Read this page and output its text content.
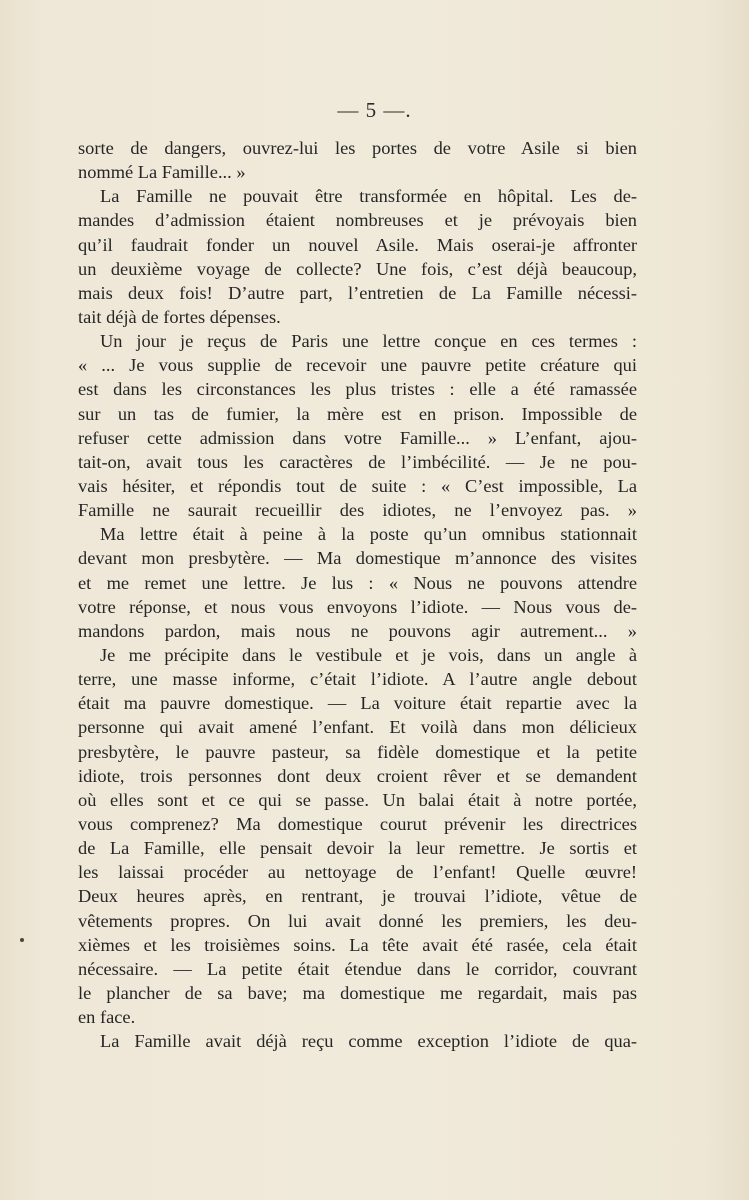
— 5 —.
sorte de dangers, ouvrez-lui les portes de votre Asile si bien
nommé La Famille... »
La Famille ne pouvait être transformée en hôpital. Les de-
mandes d’admission étaient nombreuses et je prévoyais bien
qu’il faudrait fonder un nouvel Asile. Mais oserai-je affronter
un deuxième voyage de collecte? Une fois, c’est déjà beaucoup,
mais deux fois! D’autre part, l’entretien de La Famille nécessi-
tait déjà de fortes dépenses.
Un jour je reçus de Paris une lettre conçue en ces termes :
« ... Je vous supplie de recevoir une pauvre petite créature qui
est dans les circonstances les plus tristes : elle a été ramassée
sur un tas de fumier, la mère est en prison. Impossible de
refuser cette admission dans votre Famille... » L’enfant, ajou-
tait-on, avait tous les caractères de l’imbécilité. — Je ne pou-
vais hésiter, et répondis tout de suite : « C’est impossible, La
Famille ne saurait recueillir des idiotes, ne l’envoyez pas. »
Ma lettre était à peine à la poste qu’un omnibus stationnait
devant mon presbytère. — Ma domestique m’annonce des visites
et me remet une lettre. Je lus : « Nous ne pouvons attendre
votre réponse, et nous vous envoyons l’idiote. — Nous vous de-
mandons pardon, mais nous ne pouvons agir autrement... »
Je me précipite dans le vestibule et je vois, dans un angle à
terre, une masse informe, c’était l’idiote. A l’autre angle debout
était ma pauvre domestique. — La voiture était repartie avec la
personne qui avait amené l’enfant. Et voilà dans mon délicieux
presbytère, le pauvre pasteur, sa fidèle domestique et la petite
idiote, trois personnes dont deux croient rêver et se demandent
où elles sont et ce qui se passe. Un balai était à notre portée,
vous comprenez? Ma domestique courut prévenir les directrices
de La Famille, elle pensait devoir la leur remettre. Je sortis et
les laissai procéder au nettoyage de l’enfant! Quelle œuvre!
Deux heures après, en rentrant, je trouvai l’idiote, vêtue de
vêtements propres. On lui avait donné les premiers, les deu-
xièmes et les troisièmes soins. La tête avait été rasée, cela était
nécessaire. — La petite était étendue dans le corridor, couvrant
le plancher de sa bave; ma domestique me regardait, mais pas
en face.
La Famille avait déjà reçu comme exception l’idiote de qua-
